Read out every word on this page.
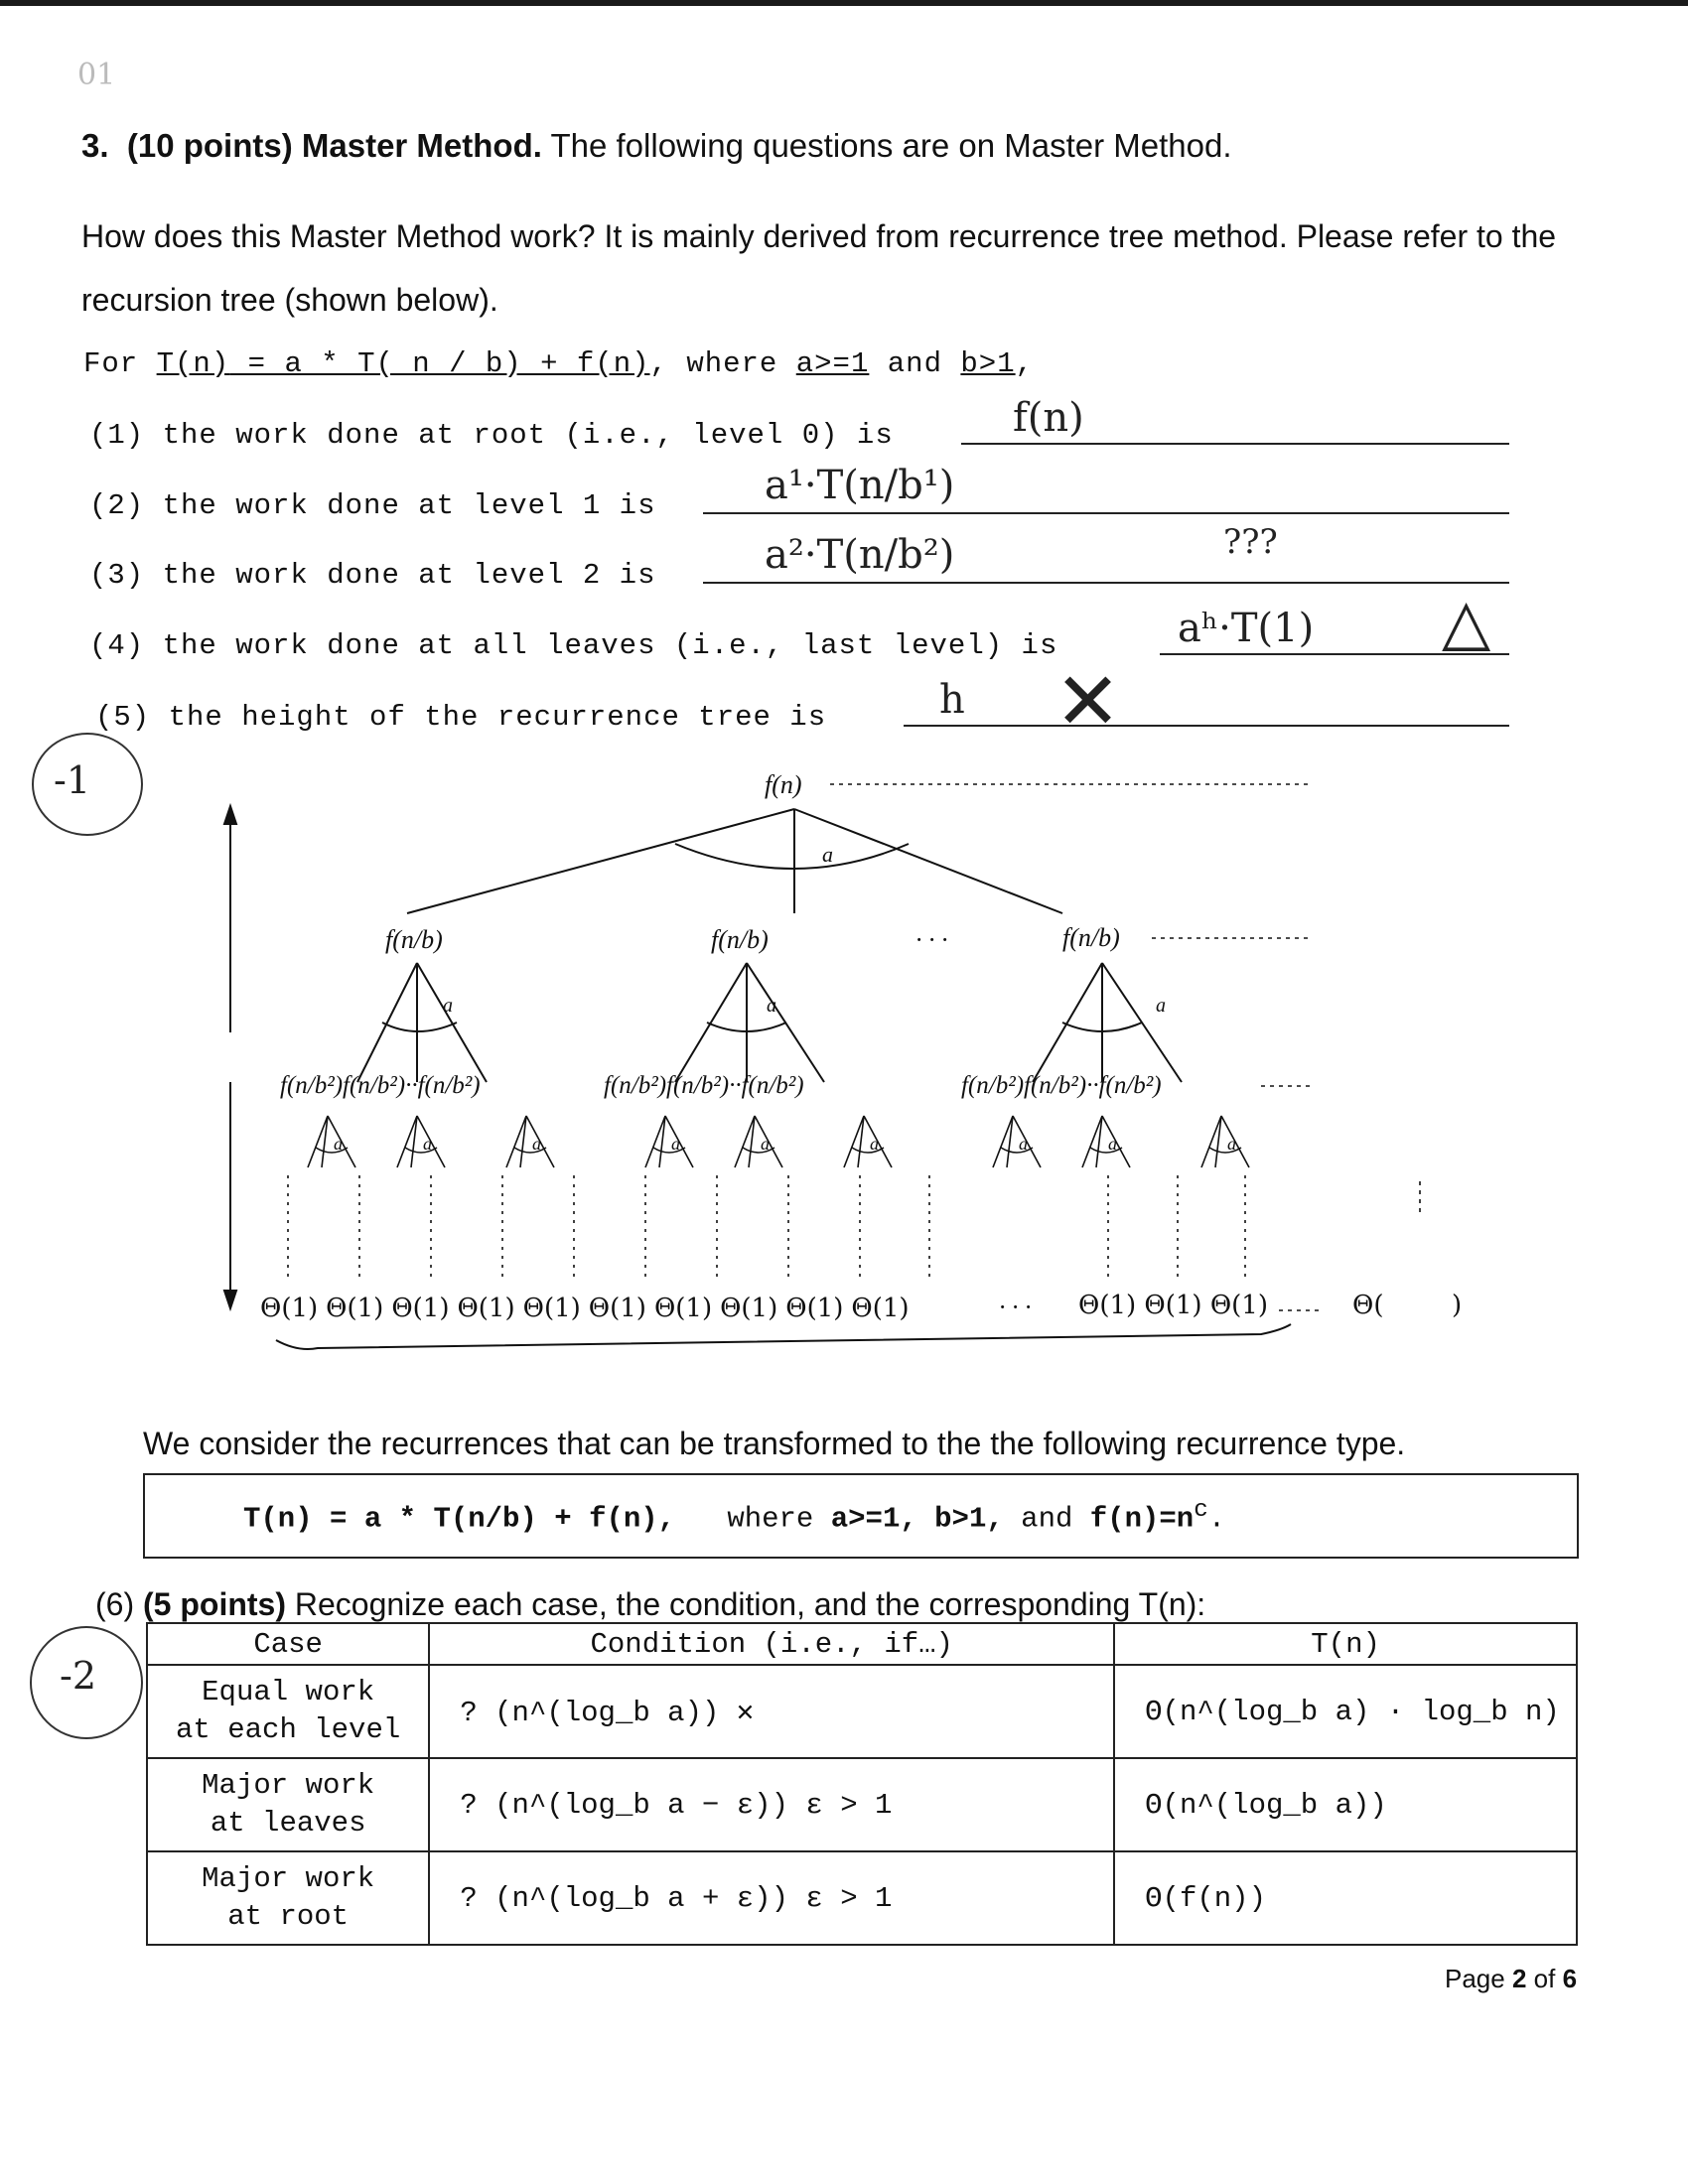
01
3. (10 points) Master Method. The following questions are on Master Method.
How does this Master Method work? It is mainly derived from recurrence tree method. Please refer to the recursion tree (shown below).
For T(n) = a * T( n / b) + f(n), where a>=1 and b>1,
(1) the work done at root (i.e., level 0) is	f(n)
(2) the work done at level 1 is	a¹·T(n/b¹)
(3) the work done at level 2 is	a²·T(n/b²)	???
(4) the work done at all leaves (i.e., last level) is	aʰ·T(1) △
(5) the height of the recurrence tree is	h ✕
-1
a	a	a	a	a	a	a	a	a
f(n)
a
f(n/b)	f(n/b)	· · ·	f(n/b)
a	a	a
f(n/b²)f(n/b²)··f(n/b²)	f(n/b²)f(n/b²)··f(n/b²)	f(n/b²)f(n/b²)··f(n/b²)
Θ(1) Θ(1) Θ(1) Θ(1) Θ(1) Θ(1) Θ(1) Θ(1) Θ(1) Θ(1)	· · · Θ(1) Θ(1) Θ(1)	Θ(	)
We consider the recurrences that can be transformed to the the following recurrence type.
T(n) = a * T(n/b) + f(n), where a>=1, b>1, and $f(n)=n^c$.
(6) (5 points) Recognize each case, the condition, and the corresponding T(n):
-2
Case	Condition (i.e., if…)	T(n)
Equal work
at each level	? (n^(log_b a)) ✕	Θ(n^(log_b a) · log_b n)
Major work
at leaves	? (n^(log_b a − ε)) ε > 1	Θ(n^(log_b a))
Major work
at root	? (n^(log_b a + ε)) ε > 1	Θ(f(n))
Page 2 of 6
